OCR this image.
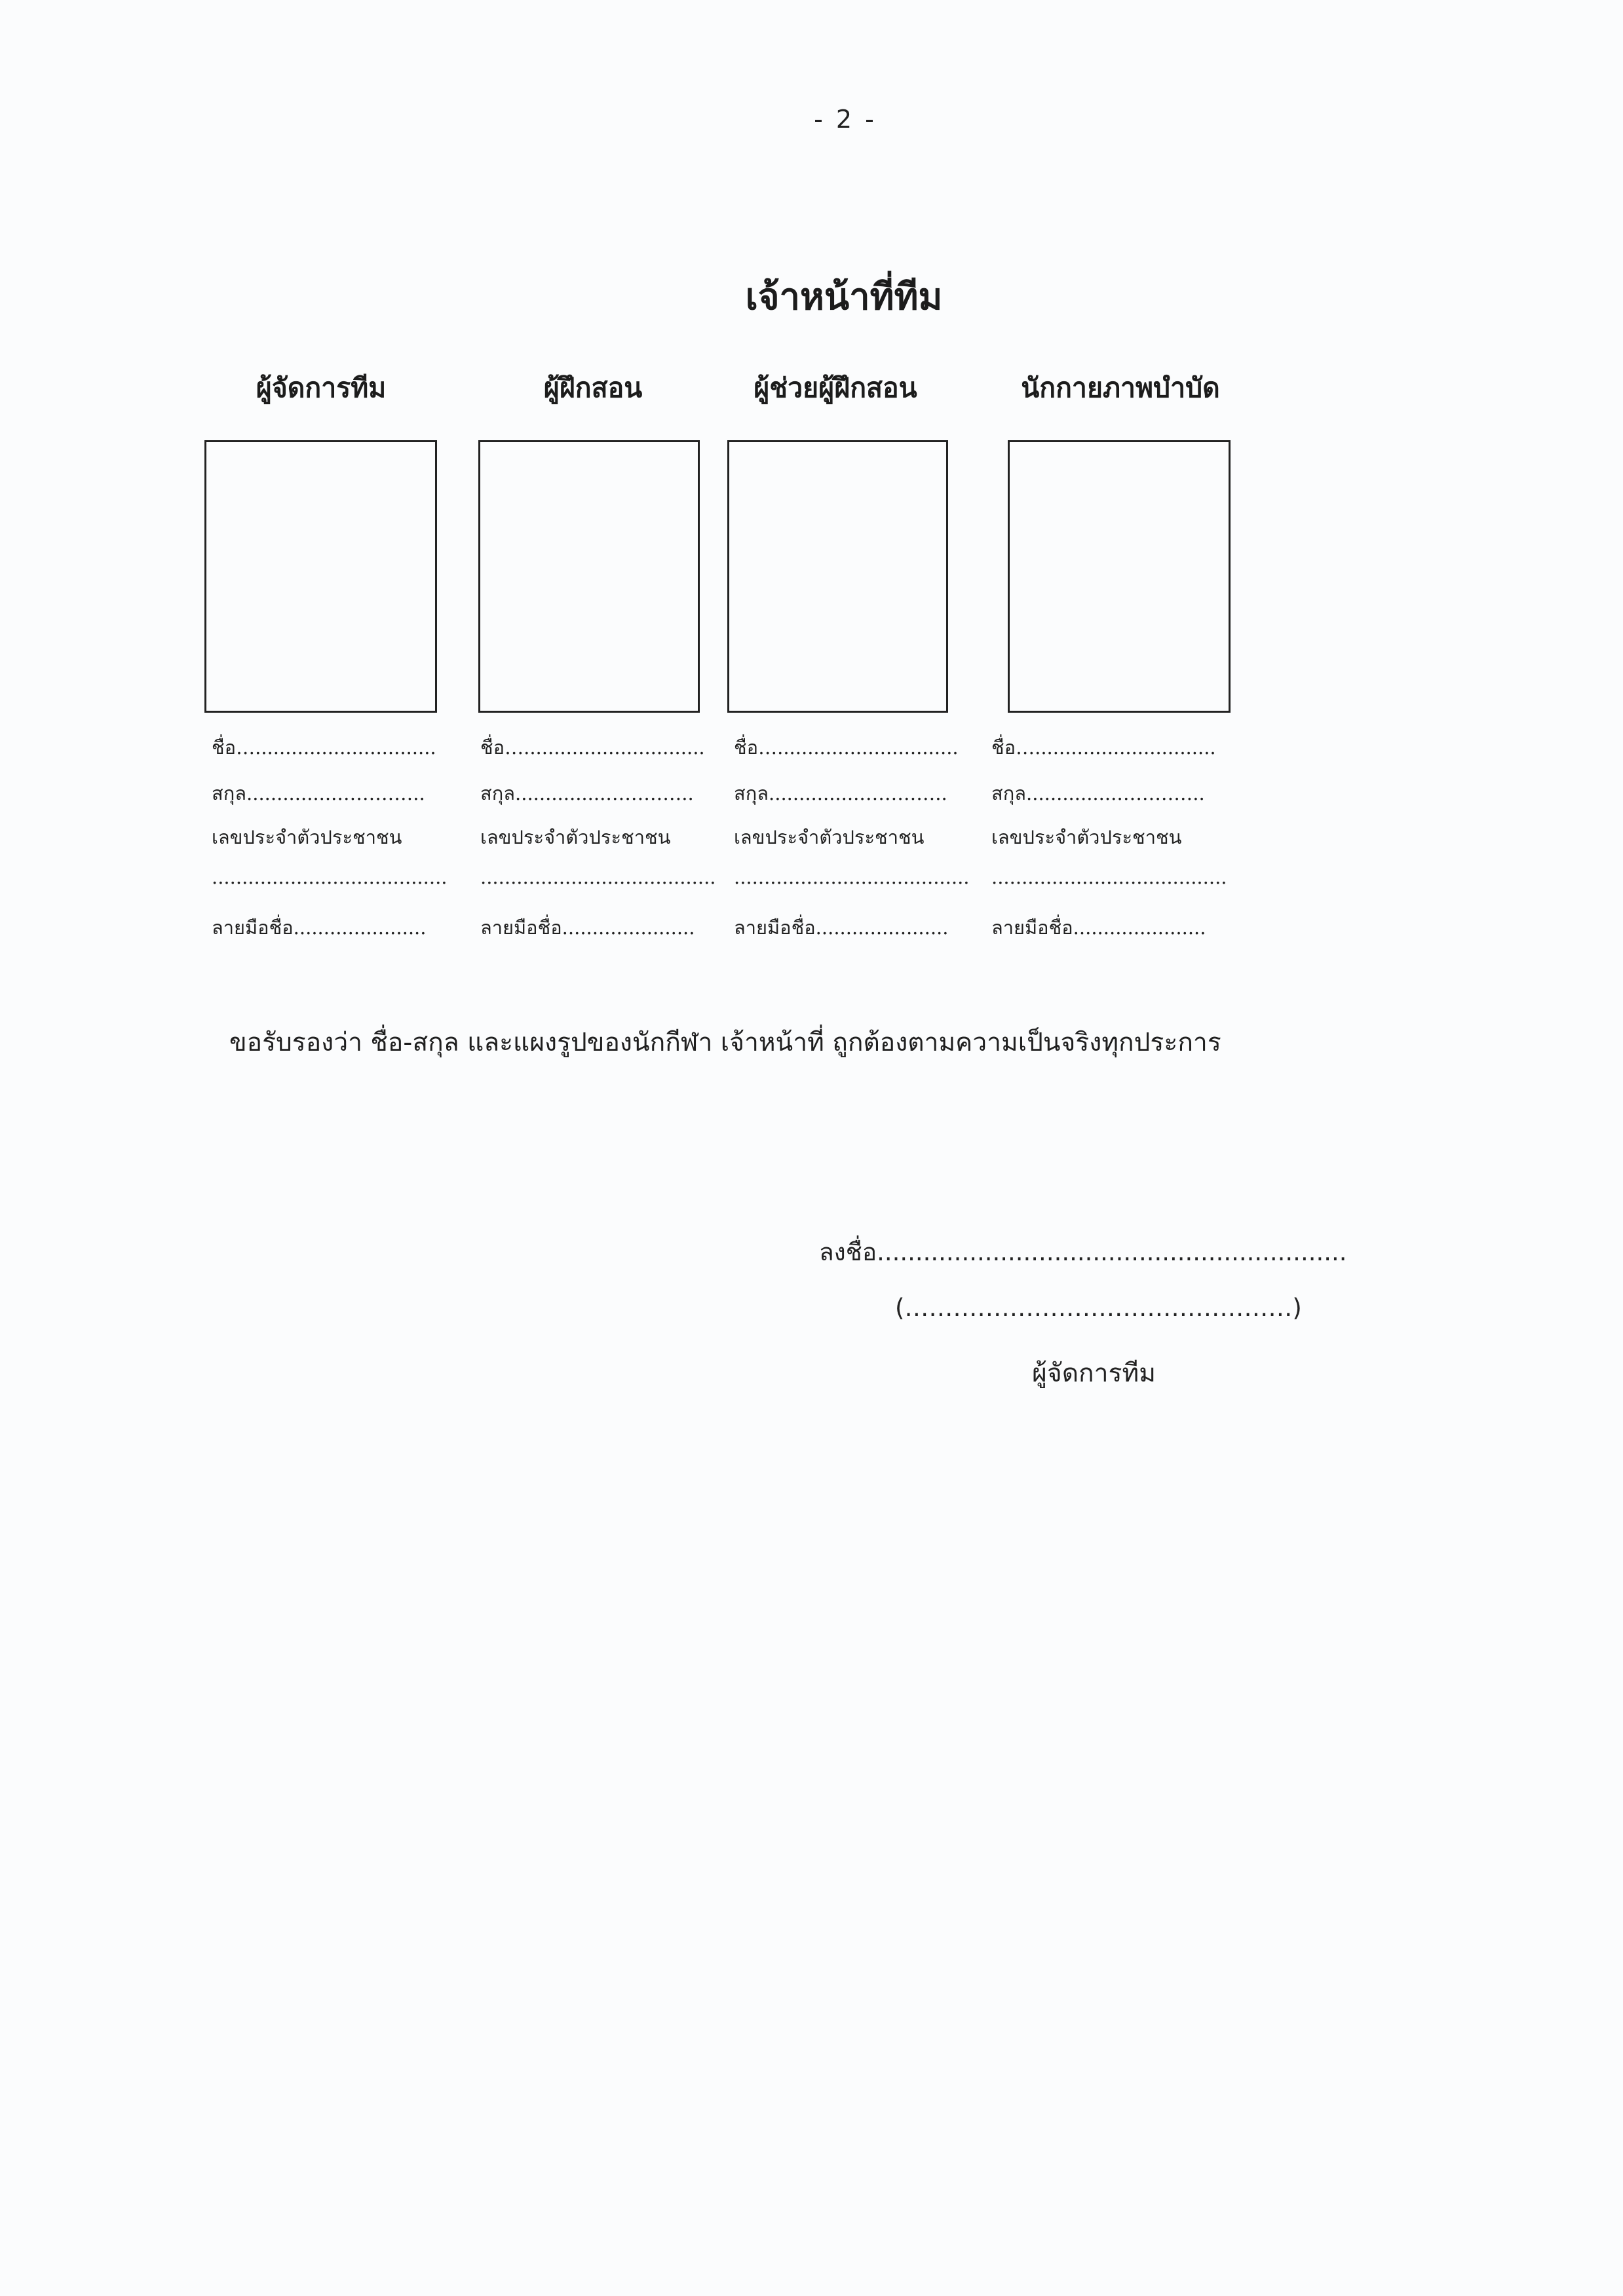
- 2 -
เจ้าหน้าที่ทีม
ผู้จัดการทีม
ชื่อ…..............................
สกุล...............…………..
เลขประจำตัวประชาชน
.......................................
ลายมือชื่อ......................
ผู้ฝึกสอน
ชื่อ…..............................
สกุล...............…………..
เลขประจำตัวประชาชน
.......................................
ลายมือชื่อ......................
ผู้ช่วยผู้ฝึกสอน
ชื่อ…..............................
สกุล...............…………..
เลขประจำตัวประชาชน
.......................................
ลายมือชื่อ......................
นักกายภาพบำบัด
ชื่อ…..............................
สกุล...............…………..
เลขประจำตัวประชาชน
.......................................
ลายมือชื่อ......................
ขอรับรองว่า ชื่อ-สกุล และแผงรูปของนักกีฬา เจ้าหน้าที่ ถูกต้องตามความเป็นจริงทุกประการ
ลงชื่อ.............................................................
(…………………………………………)
ผู้จัดการทีม
